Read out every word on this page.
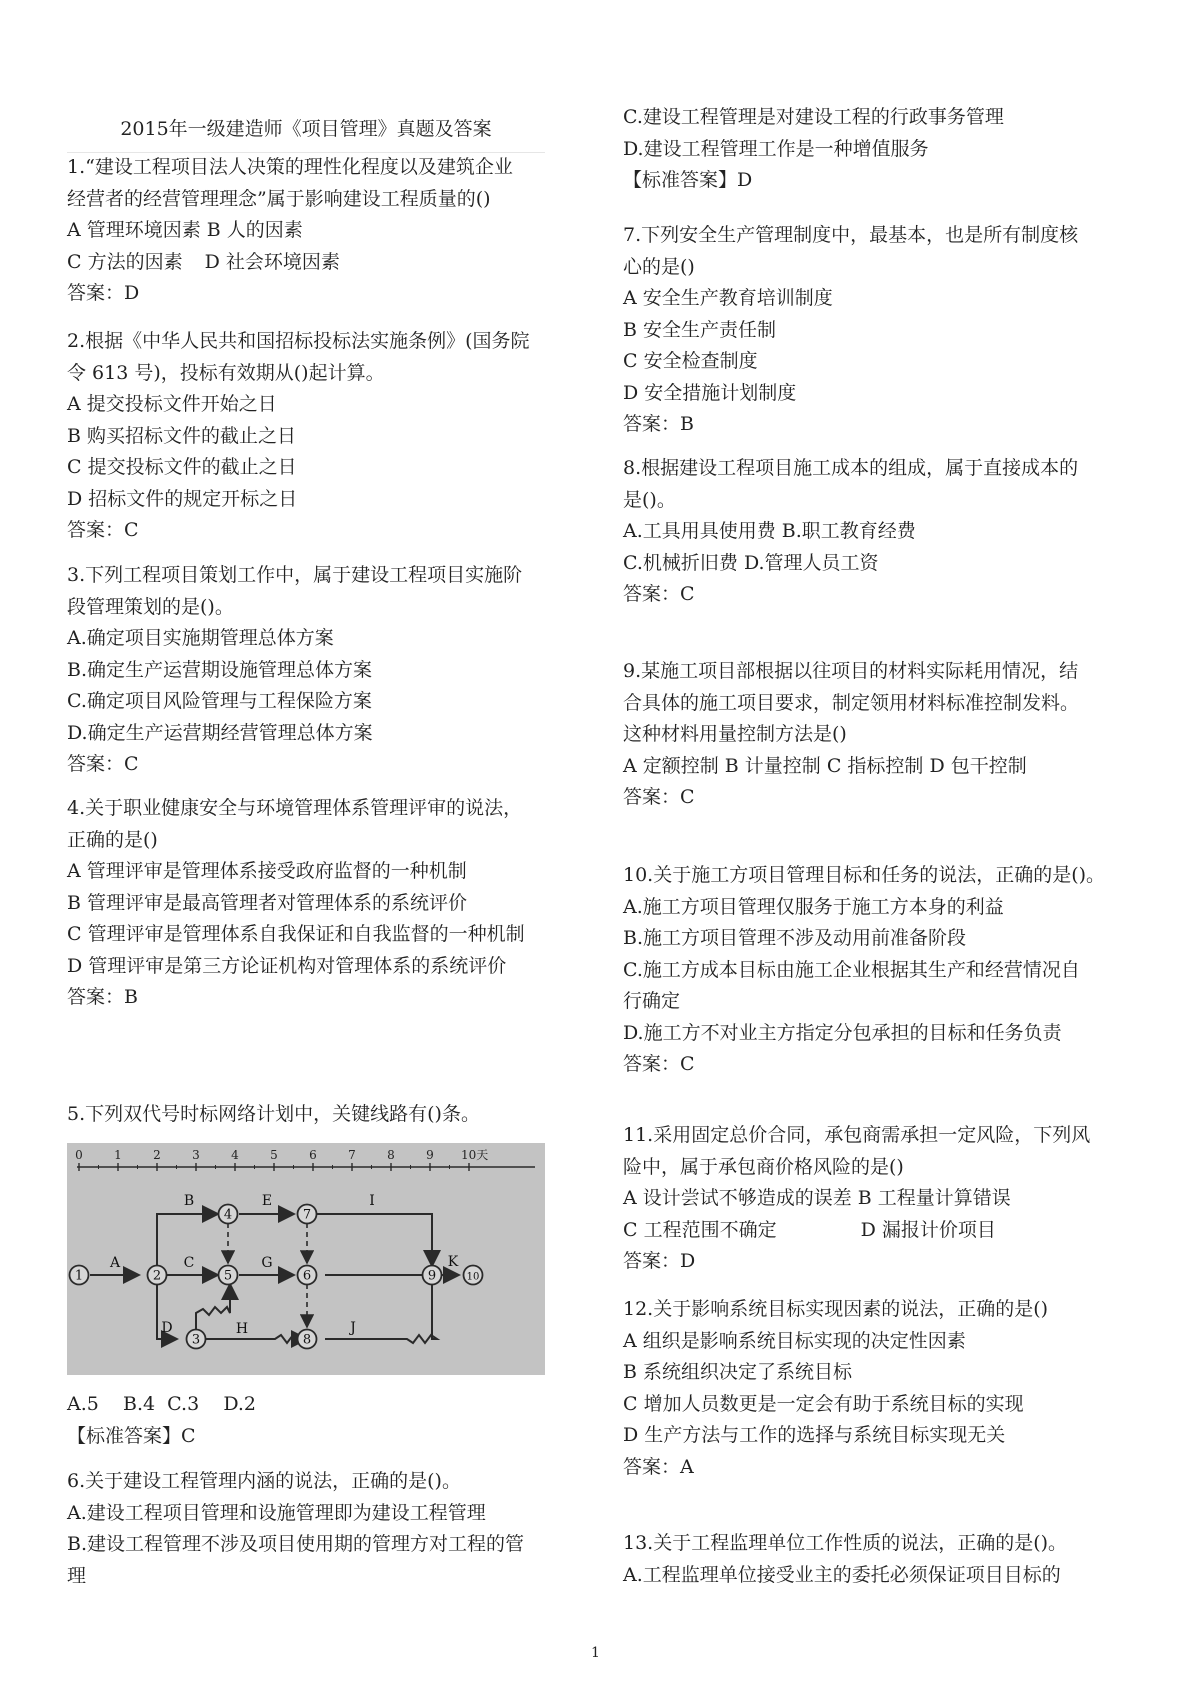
2015年一级建造师《项目管理》真题及答案
1.“建设工程项目法人决策的理性化程度以及建筑企业
经营者的经营管理理念”属于影响建设工程质量的()
A 管理环境因素 B 人的因素
C 方法的因素 D 社会环境因素
答案：D
2.根据《中华人民共和国招标投标法实施条例》(国务院
令 613 号)，投标有效期从()起计算。
A 提交投标文件开始之日
B 购买招标文件的截止之日
C 提交投标文件的截止之日
D 招标文件的规定开标之日
答案：C
3.下列工程项目策划工作中，属于建设工程项目实施阶
段管理策划的是()。
A.确定项目实施期管理总体方案
B.确定生产运营期设施管理总体方案
C.确定项目风险管理与工程保险方案
D.确定生产运营期经营管理总体方案
答案：C
4.关于职业健康安全与环境管理体系管理评审的说法，
正确的是()
A 管理评审是管理体系接受政府监督的一种机制
B 管理评审是最高管理者对管理体系的系统评价
C 管理评审是管理体系自我保证和自我监督的一种机制
D 管理评审是第三方论证机构对管理体系的系统评价
答案：B
5.下列双代号时标网络计划中，关键线路有()条。
0	1	2	3	4	5	6	7	8	9 10天
1	2
3
4
5	6
7
8
9	10
A
B
C
D
E
G
H
I
J
K
A.5    B.4  C.3    D.2
【标准答案】C
6.关于建设工程管理内涵的说法，正确的是()。
A.建设工程项目管理和设施管理即为建设工程管理
B.建设工程管理不涉及项目使用期的管理方对工程的管
理
C.建设工程管理是对建设工程的行政事务管理
D.建设工程管理工作是一种增值服务
【标准答案】D
7.下列安全生产管理制度中，最基本，也是所有制度核
心的是()
A 安全生产教育培训制度
B 安全生产责任制
C 安全检查制度
D 安全措施计划制度
答案：B
8.根据建设工程项目施工成本的组成，属于直接成本的
是()。
A.工具用具使用费 B.职工教育经费
C.机械折旧费 D.管理人员工资
答案：C
9.某施工项目部根据以往项目的材料实际耗用情况，结
合具体的施工项目要求，制定领用材料标准控制发料。
这种材料用量控制方法是()
A 定额控制 B 计量控制 C 指标控制 D 包干控制
答案：C
10.关于施工方项目管理目标和任务的说法，正确的是()。
A.施工方项目管理仅服务于施工方本身的利益
B.施工方项目管理不涉及动用前准备阶段
C.施工方成本目标由施工企业根据其生产和经营情况自
行确定
D.施工方不对业主方指定分包承担的目标和任务负责
答案：C
11.采用固定总价合同，承包商需承担一定风险，下列风
险中，属于承包商价格风险的是()
A 设计尝试不够造成的误差 B 工程量计算错误
C 工程范围不确定	D 漏报计价项目
答案：D
12.关于影响系统目标实现因素的说法，正确的是()
A 组织是影响系统目标实现的决定性因素
B 系统组织决定了系统目标
C 增加人员数更是一定会有助于系统目标的实现
D 生产方法与工作的选择与系统目标实现无关
答案：A
13.关于工程监理单位工作性质的说法，正确的是()。
A.工程监理单位接受业主的委托必须保证项目目标的
1
